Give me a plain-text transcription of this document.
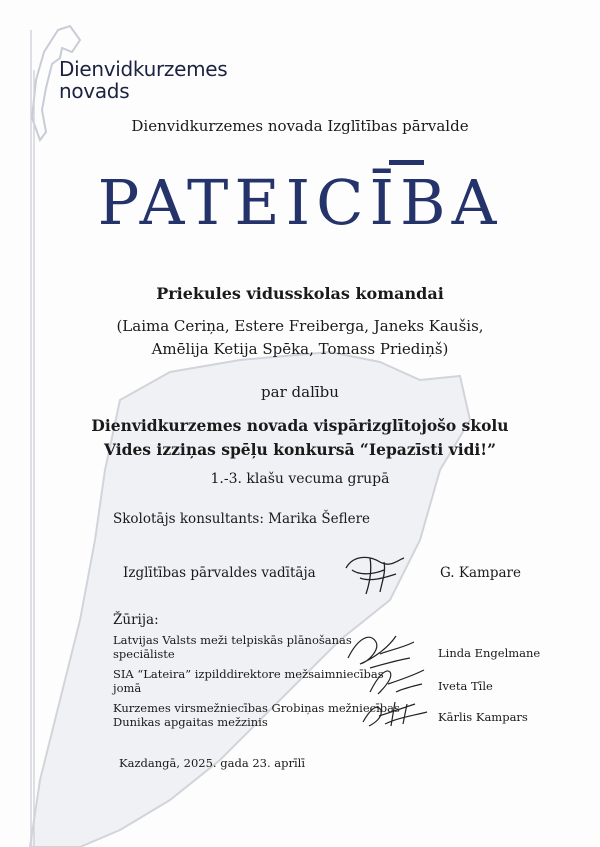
Dienvidkurzemes
novads
Dienvidkurzemes novada Izglītības pārvalde
PATEICĪBA
Priekules vidusskolas komandai
(Laima Ceriņa, Estere Freiberga, Janeks Kaušis,
Amēlija Ketija Spēka, Tomass Priediņš)
par dalību
Dienvidkurzemes novada vispārizglītojošo skolu
Vides izziņas spēļu konkursā “Iepazīsti vidi!”
1.-3. klašu vecuma grupā
Skolotājs konsultants: Marika Šeflere
Izglītības pārvaldes vadītāja	G. Kampare
Žūrija:
Latvijas Valsts meži telpiskās plānošanas
speciāliste
SIA “Lateira” izpilddirektore mežsaimniecības
jomā
Kurzemes virsmežniecības Grobiņas mežniecības
Dunikas apgaitas mežzinis
Linda Engelmane
Iveta Tīle
Kārlis Kampars
Kazdangā, 2025. gada 23. aprīlī
